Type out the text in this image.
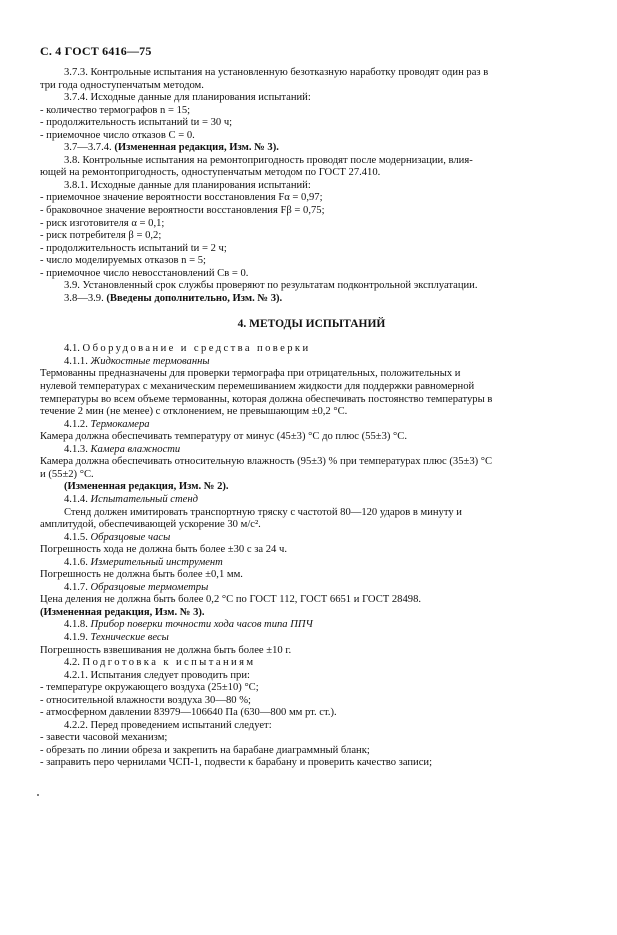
С. 4 ГОСТ 6416—75
3.7.3. Контрольные испытания на установленную безотказную наработку проводят один раз в
три года одноступенчатым методом.
3.7.4. Исходные данные для планирования испытаний:
- количество термографов n = 15;
- продолжительность испытаний tи = 30 ч;
- приемочное число отказов C = 0.
3.7—3.7.4. (Измененная редакция, Изм. № 3).
3.8. Контрольные испытания на ремонтопригодность проводят после модернизации, влия-
ющей на ремонтопригодность, одноступенчатым методом по ГОСТ 27.410.
3.8.1. Исходные данные для планирования испытаний:
- приемочное значение вероятности восстановления Fα = 0,97;
- браковочное значение вероятности восстановления Fβ = 0,75;
- риск изготовителя α = 0,1;
- риск потребителя β = 0,2;
- продолжительность испытаний tи = 2 ч;
- число моделируемых отказов n = 5;
- приемочное число невосстановлений Cв = 0.
3.9. Установленный срок службы проверяют по результатам подконтрольной эксплуатации.
3.8—3.9. (Введены дополнительно, Изм. № 3).
4. МЕТОДЫ ИСПЫТАНИЙ
4.1. Оборудование и средства поверки
4.1.1. Жидкостные термованны
Термованны предназначены для проверки термографа при отрицательных, положительных и
нулевой температурах с механическим перемешиванием жидкости для поддержки равномерной
температуры во всем объеме термованны, которая должна обеспечивать постоянство температуры в
течение 2 мин (не менее) с отклонением, не превышающим ±0,2 °С.
4.1.2. Термокамера
Камера должна обеспечивать температуру от минус (45±3) °С до плюс (55±3) °С.
4.1.3. Камера влажности
Камера должна обеспечивать относительную влажность (95±3) % при температурах плюс (35±3) °С
и (55±2) °С.
(Измененная редакция, Изм. № 2).
4.1.4. Испытательный стенд
Стенд должен имитировать транспортную тряску с частотой 80—120 ударов в минуту и
амплитудой, обеспечивающей ускорение 30 м/с².
4.1.5. Образцовые часы
Погрешность хода не должна быть более ±30 с за 24 ч.
4.1.6. Измерительный инструмент
Погрешность не должна быть более ±0,1 мм.
4.1.7. Образцовые термометры
Цена деления не должна быть более 0,2 °С по ГОСТ 112, ГОСТ 6651 и ГОСТ 28498.
(Измененная редакция, Изм. № 3).
4.1.8. Прибор поверки точности хода часов типа ППЧ
4.1.9. Технические весы
Погрешность взвешивания не должна быть более ±10 г.
4.2. Подготовка к испытаниям
4.2.1. Испытания следует проводить при:
- температуре окружающего воздуха (25±10) °С;
- относительной влажности воздуха 30—80 %;
- атмосферном давлении 83979—106640 Па (630—800 мм рт. ст.).
4.2.2. Перед проведением испытаний следует:
- завести часовой механизм;
- обрезать по линии обреза и закрепить на барабане диаграммный бланк;
- заправить перо чернилами ЧСП-1, подвести к барабану и проверить качество записи;
